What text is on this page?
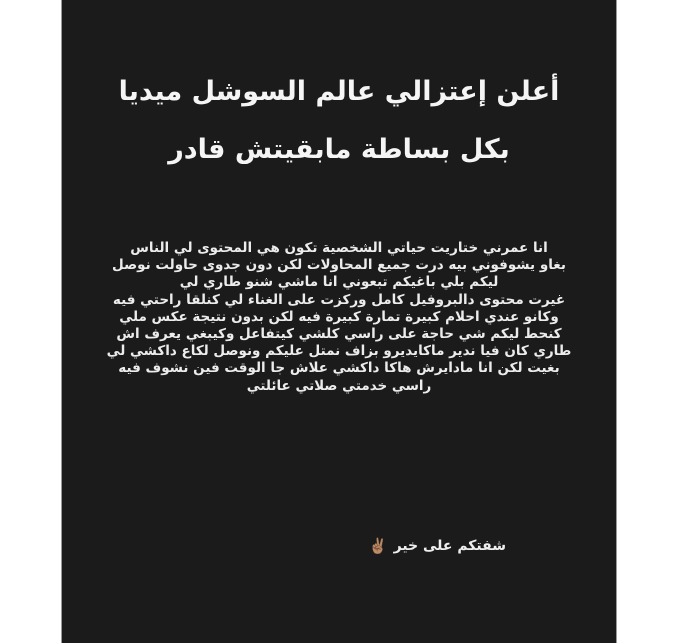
أعلن إعتزالي عالم السوشل ميديا
بكل بساطة مابقيتش قادر
انا عمرني ختاريت حياتي الشخصية تكون هي المحتوى لي الناس
بغاو يشوفوني بيه درت جميع المحاولات لكن دون جدوى حاولت نوصل
ليكم بلي باغيكم تبعوني انا ماشي شنو طاري لي
غيرت محتوى دالبروفيل كامل وركزت على الغناء لي كنلقا راحتي فيه
وكانو عندي احلام كبيرة تمارة كبيرة فيه لكن بدون نتيجة عكس ملي
كنحط ليكم شي حاجة على راسي كلشي كيتفاعل وكيبغي يعرف اش
طاري كان فيا ندير ماكايديرو بزاف نمتل عليكم ونوصل لكاع داكشي لي
بغيت لكن انا مادايرش هاكا داكشي علاش جا الوقت فين نشوف فيه
راسي خدمتي صلاتي عائلتي
شفتكم على خير
✌🏽
